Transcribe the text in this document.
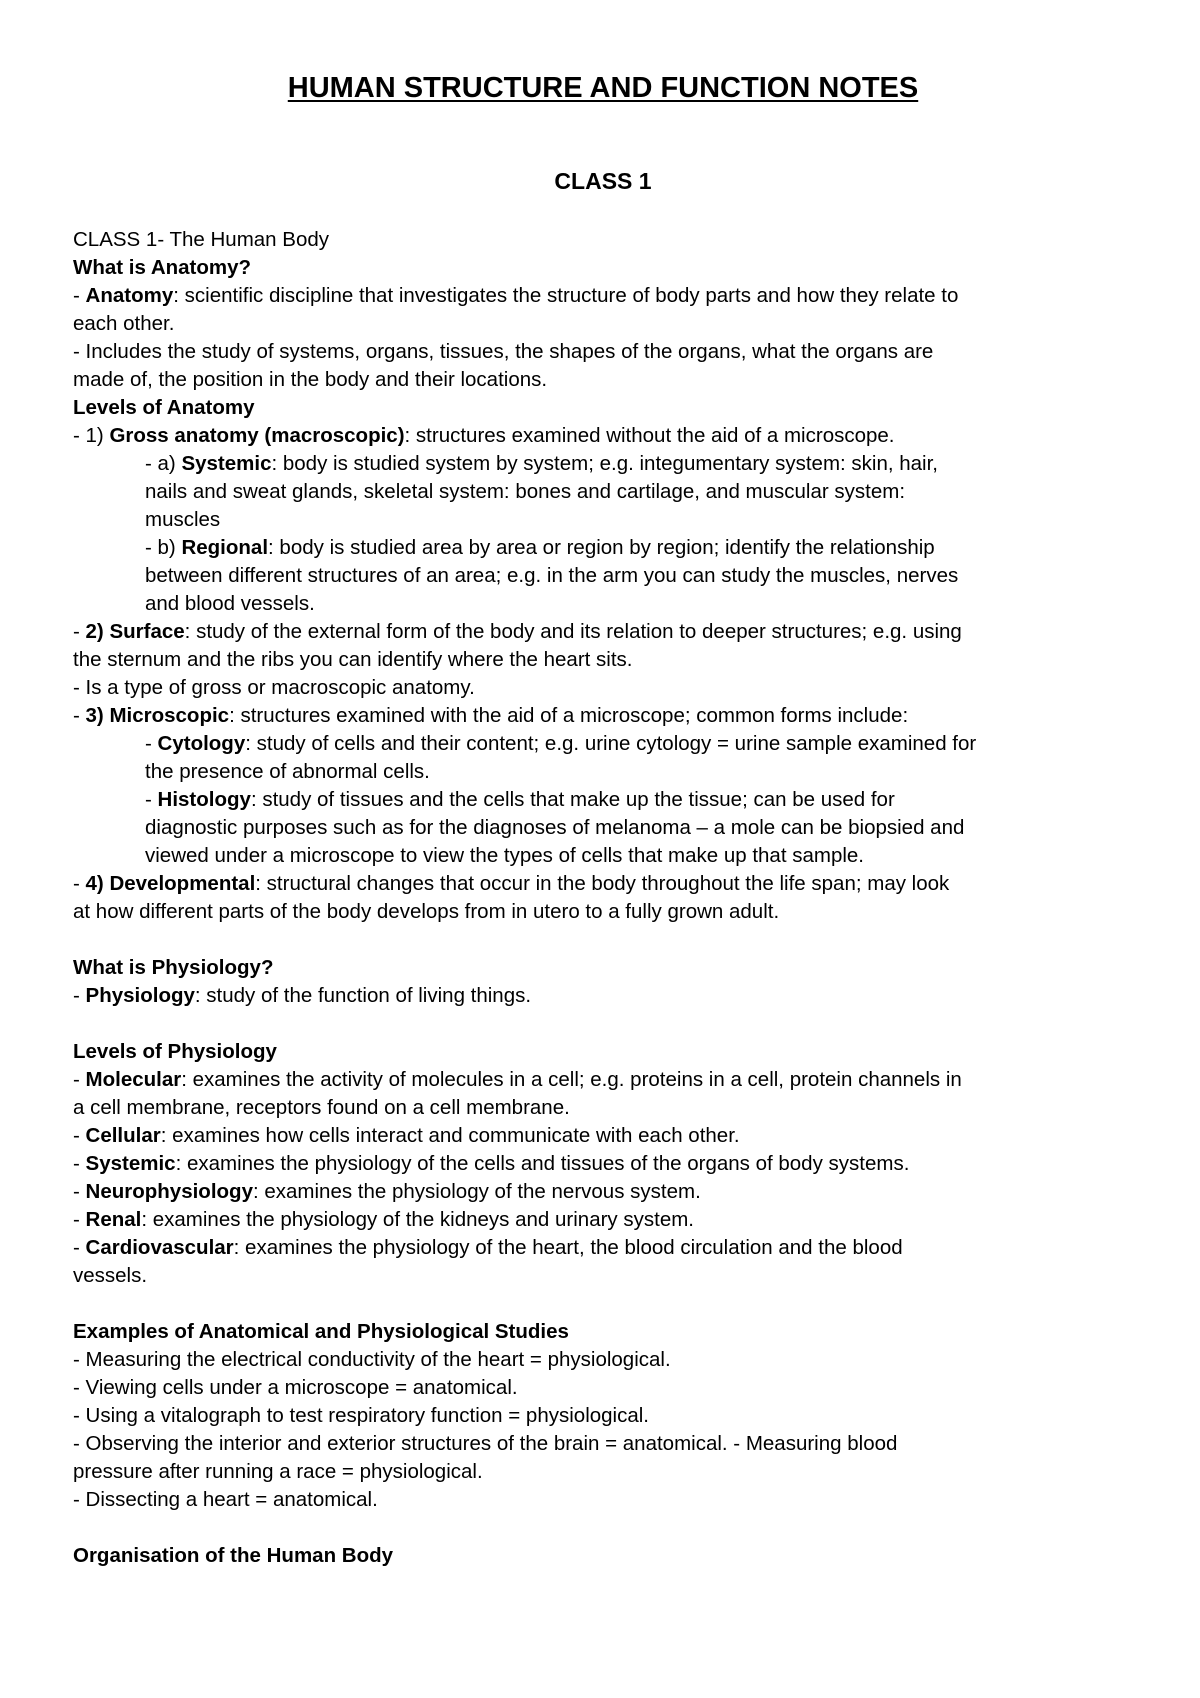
HUMAN STRUCTURE AND FUNCTION NOTES
CLASS 1
CLASS 1- The Human Body
What is Anatomy?
- Anatomy: scientific discipline that investigates the structure of body parts and how they relate to
each other.
- Includes the study of systems, organs, tissues, the shapes of the organs, what the organs are
made of, the position in the body and their locations.
Levels of Anatomy
- 1) Gross anatomy (macroscopic): structures examined without the aid of a microscope.
- a) Systemic: body is studied system by system; e.g. integumentary system: skin, hair,
nails and sweat glands, skeletal system: bones and cartilage, and muscular system:
muscles
- b) Regional: body is studied area by area or region by region; identify the relationship
between different structures of an area; e.g. in the arm you can study the muscles, nerves
and blood vessels.
- 2) Surface: study of the external form of the body and its relation to deeper structures; e.g. using
the sternum and the ribs you can identify where the heart sits.
- Is a type of gross or macroscopic anatomy.
- 3) Microscopic: structures examined with the aid of a microscope; common forms include:
- Cytology: study of cells and their content; e.g. urine cytology = urine sample examined for
the presence of abnormal cells.
- Histology: study of tissues and the cells that make up the tissue; can be used for
diagnostic purposes such as for the diagnoses of melanoma – a mole can be biopsied and
viewed under a microscope to view the types of cells that make up that sample.
- 4) Developmental: structural changes that occur in the body throughout the life span; may look
at how different parts of the body develops from in utero to a fully grown adult.
What is Physiology?
- Physiology: study of the function of living things.
Levels of Physiology
- Molecular: examines the activity of molecules in a cell; e.g. proteins in a cell, protein channels in
a cell membrane, receptors found on a cell membrane.
- Cellular: examines how cells interact and communicate with each other.
- Systemic: examines the physiology of the cells and tissues of the organs of body systems.
- Neurophysiology: examines the physiology of the nervous system.
- Renal: examines the physiology of the kidneys and urinary system.
- Cardiovascular: examines the physiology of the heart, the blood circulation and the blood
vessels.
Examples of Anatomical and Physiological Studies
- Measuring the electrical conductivity of the heart = physiological.
- Viewing cells under a microscope = anatomical.
- Using a vitalograph to test respiratory function = physiological.
- Observing the interior and exterior structures of the brain = anatomical. - Measuring blood
pressure after running a race = physiological.
- Dissecting a heart = anatomical.
Organisation of the Human Body
